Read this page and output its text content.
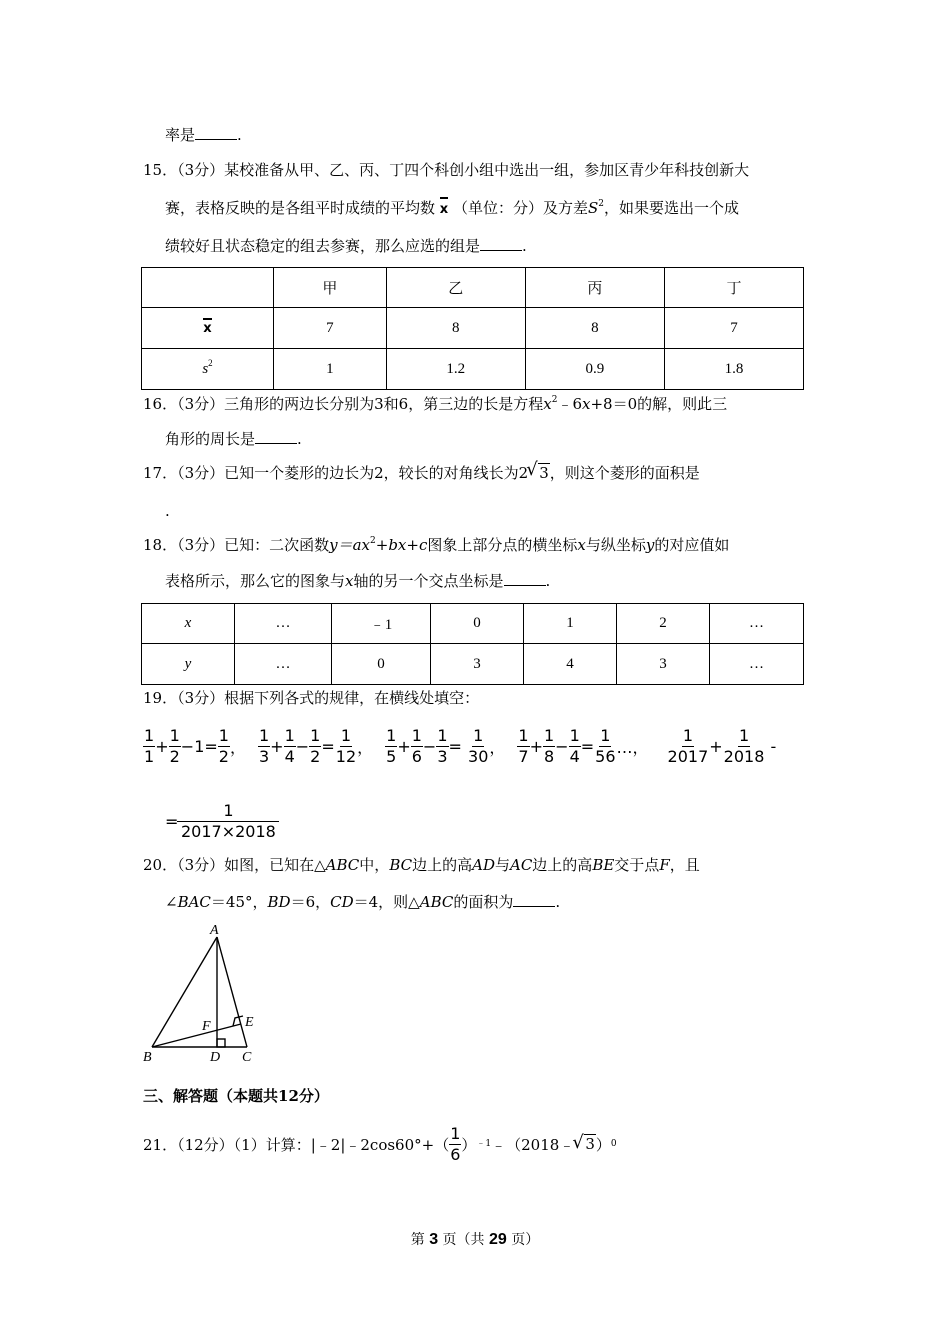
率是	.
15．（3分）某校准备从甲、乙、丙、丁四个科创小组中选出一组，参加区青少年科技创新大
赛，表格反映的是各组平时成绩的平均数 x （单位：分）及方差$S^2$，如果要选出一个成
绩较好且状态稳定的组去参赛，那么应选的组是	.
	甲	乙	丙	丁
x	7	8	8	7
$s^2$	1	1.2	0.9	1.8
16．（3分）三角形的两边长分别为3和6，第三边的长是方程$x^2﹣6x+8=0$的解，则此三
角形的周长是	.
17．（3分）已知一个菱形的边长为2，较长的对角线长为2 √ 3，则这个菱形的面积是
.
18．（3分）已知：二次函数$y=ax^2+bx+c$图象上部分点的横坐标x与纵坐标y的对应值如
表格所示，那么它的图象与x轴的另一个交点坐标是	.
x	…	﹣1	0	1	2	…
y	…	0	3	4	3	…
19．（3分）根据下列各式的规律，在横线处填空：
$\frac{1}{1} + \frac{1}{2} -1= \frac{1}{2}$ ， $\frac{1}{3} + \frac{1}{4} - \frac{1}{2} = \frac{1}{12}$ ， $\frac{1}{5} + \frac{1}{6} - \frac{1}{3} = \frac{1}{30}$ ， $\frac{1}{7} + \frac{1}{8} - \frac{1}{4} = \frac{1}{56}$ …， $\frac{1}{2017} + \frac{1}{2018}$ -
= $\frac{1}{2017\times 2018}$
20．（3分）如图，已知在△ABC中，BC边上的高AD与AC边上的高BE交于点F，且
∠BAC＝45°，BD＝6，CD＝4，则△ABC的面积为	.
A
B	C
D
E
F
三、解答题（本题共12分）
21．（12分）（1）计算：|﹣2|﹣2cos60°+（ $\frac{1}{6}$ ） ﹣1 ﹣（2018﹣ √ 3 ） 0
第 3 页（共 29 页）
